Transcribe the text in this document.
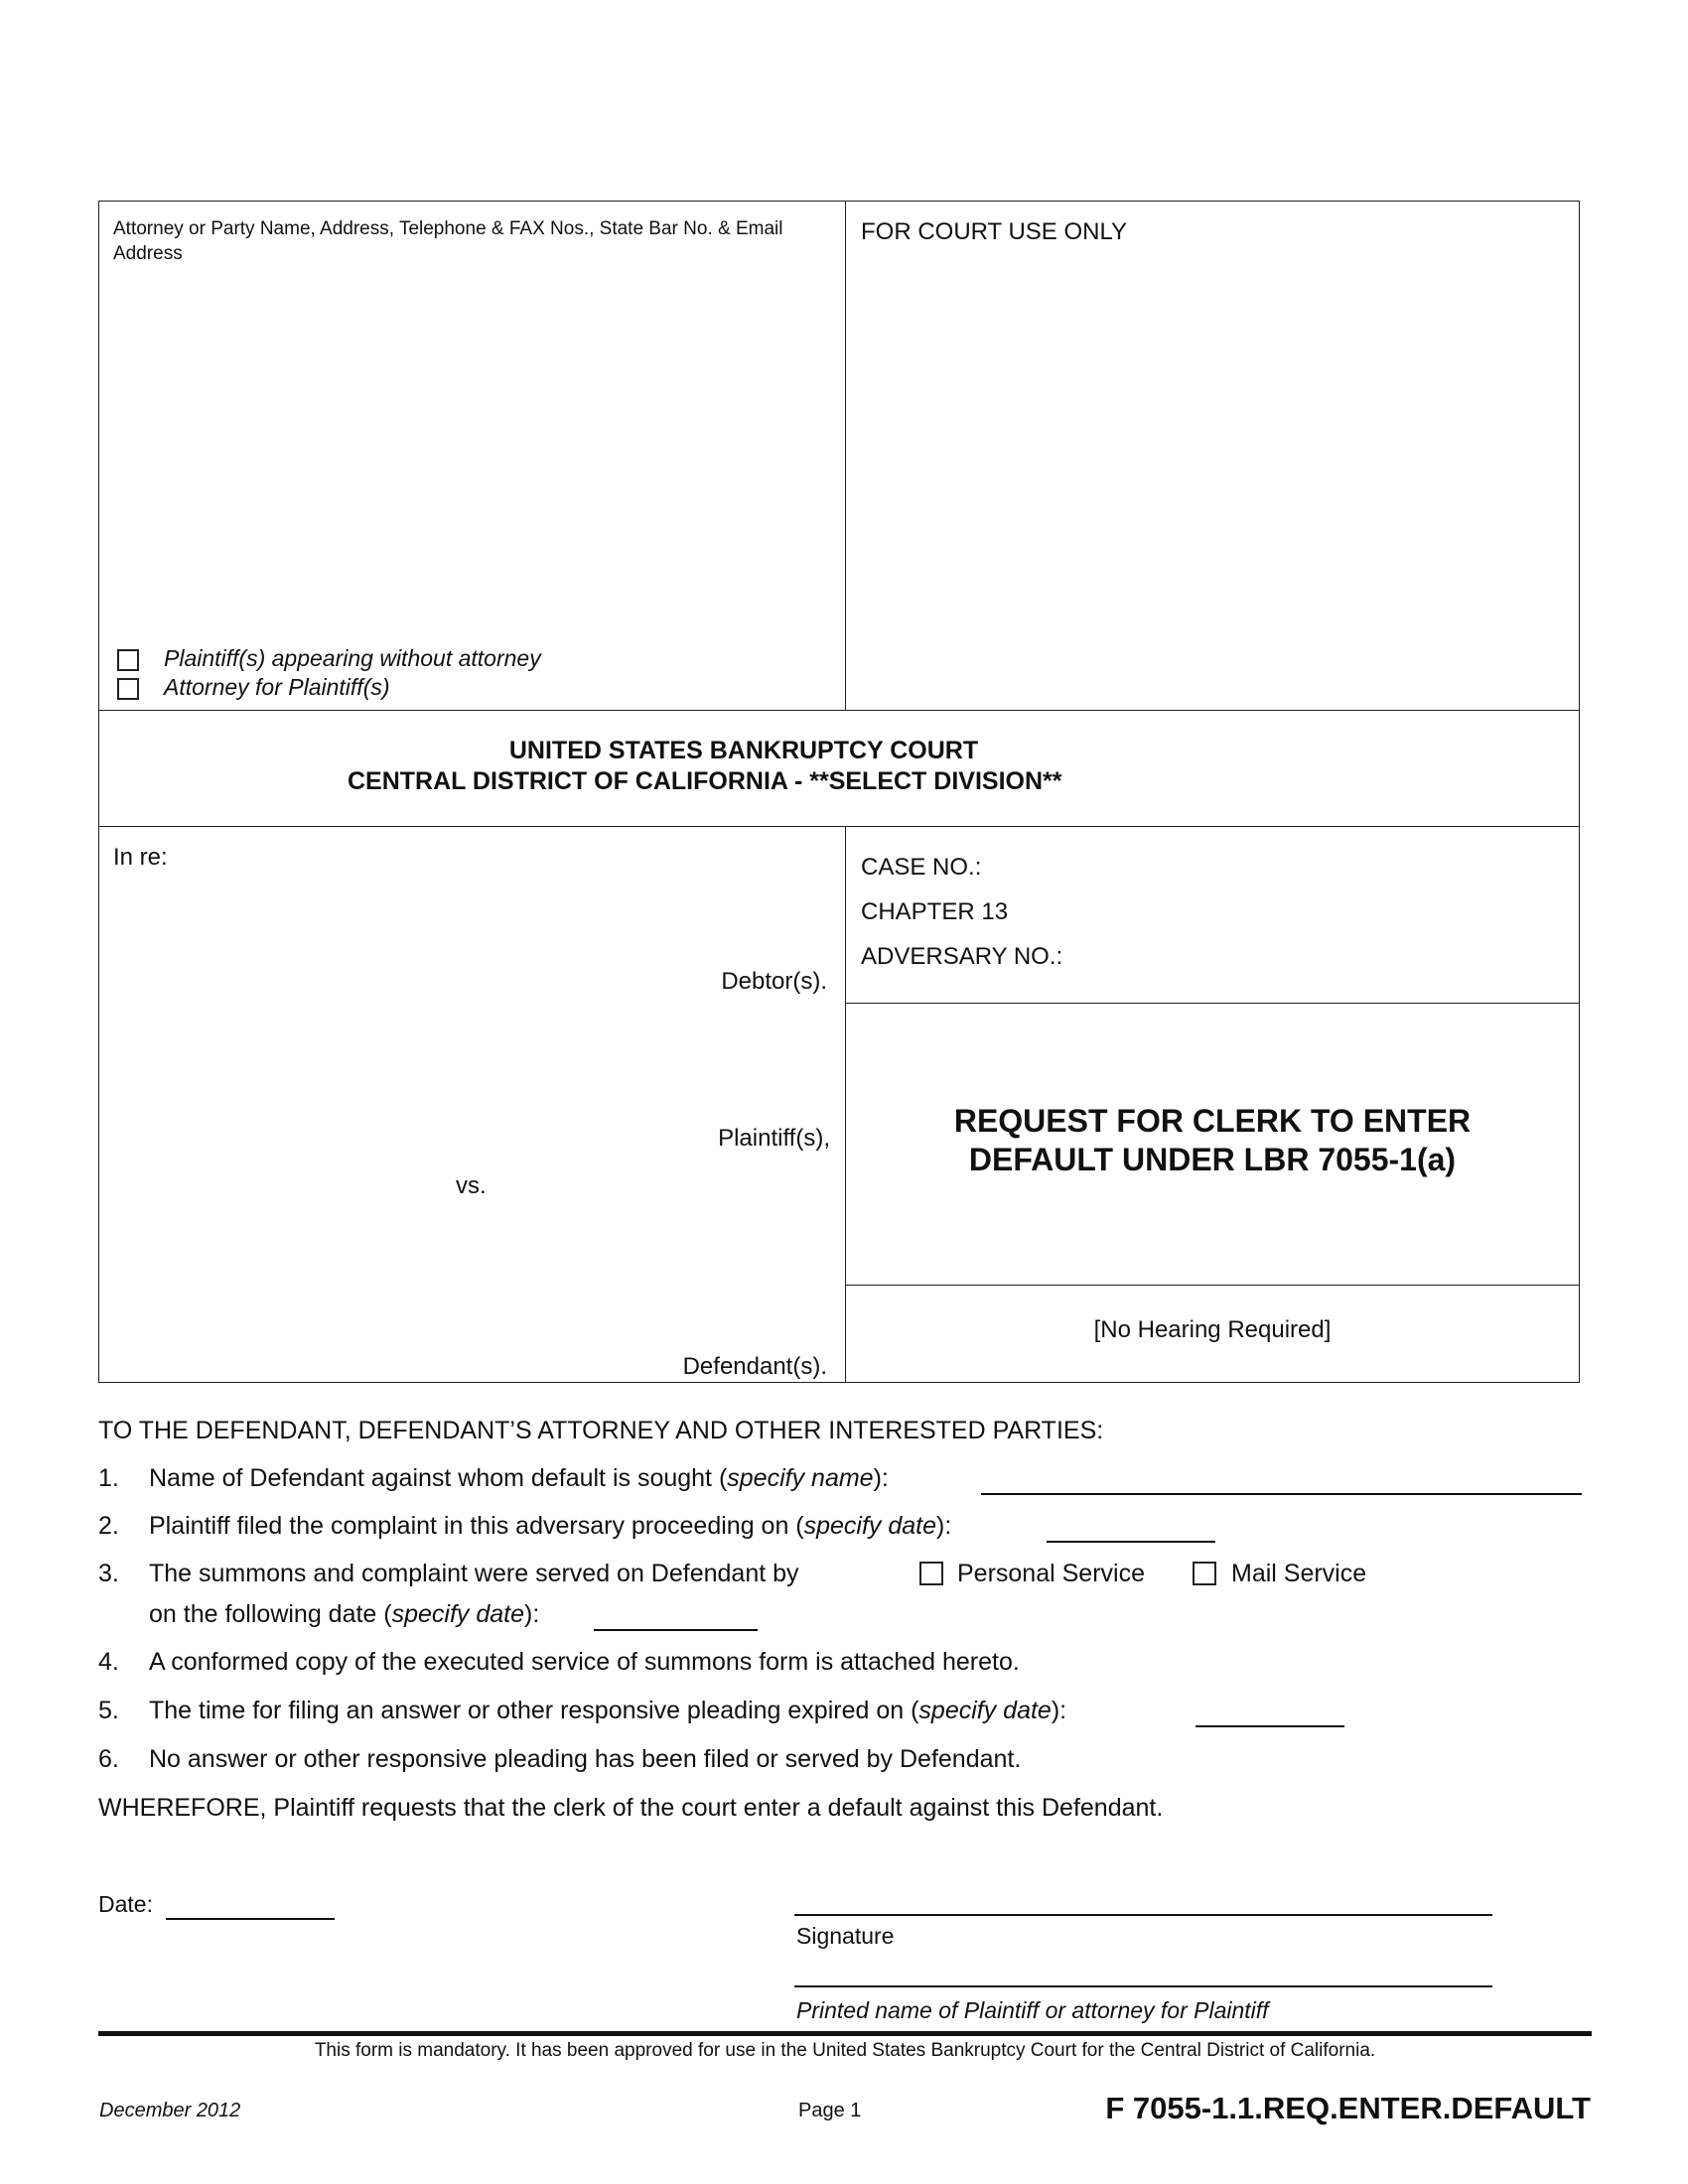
Attorney or Party Name, Address, Telephone & FAX Nos., State Bar No. & Email Address
FOR COURT USE ONLY
Plaintiff(s) appearing without attorney
Attorney for Plaintiff(s)
UNITED STATES BANKRUPTCY COURT
CENTRAL DISTRICT OF CALIFORNIA - **SELECT DIVISION**
In re:
Debtor(s).
Plaintiff(s),
vs.
Defendant(s).
CASE NO.:
CHAPTER 13
ADVERSARY NO.:
REQUEST FOR CLERK TO ENTER
DEFAULT UNDER LBR 7055-1(a)
[No Hearing Required]
TO THE DEFENDANT, DEFENDANT’S ATTORNEY AND OTHER INTERESTED PARTIES:
1. Name of Defendant against whom default is sought (specify name):
2. Plaintiff filed the complaint in this adversary proceeding on (specify date):
3. The summons and complaint were served on Defendant by	Personal Service	Mail Service
on the following date (specify date):
4. A conformed copy of the executed service of summons form is attached hereto.
5. The time for filing an answer or other responsive pleading expired on (specify date):
6. No answer or other responsive pleading has been filed or served by Defendant.
WHEREFORE, Plaintiff requests that the clerk of the court enter a default against this Defendant.
Date:
Signature
Printed name of Plaintiff or attorney for Plaintiff
This form is mandatory. It has been approved for use in the United States Bankruptcy Court for the Central District of California.
December 2012	Page 1	F 7055-1.1.REQ.ENTER.DEFAULT
